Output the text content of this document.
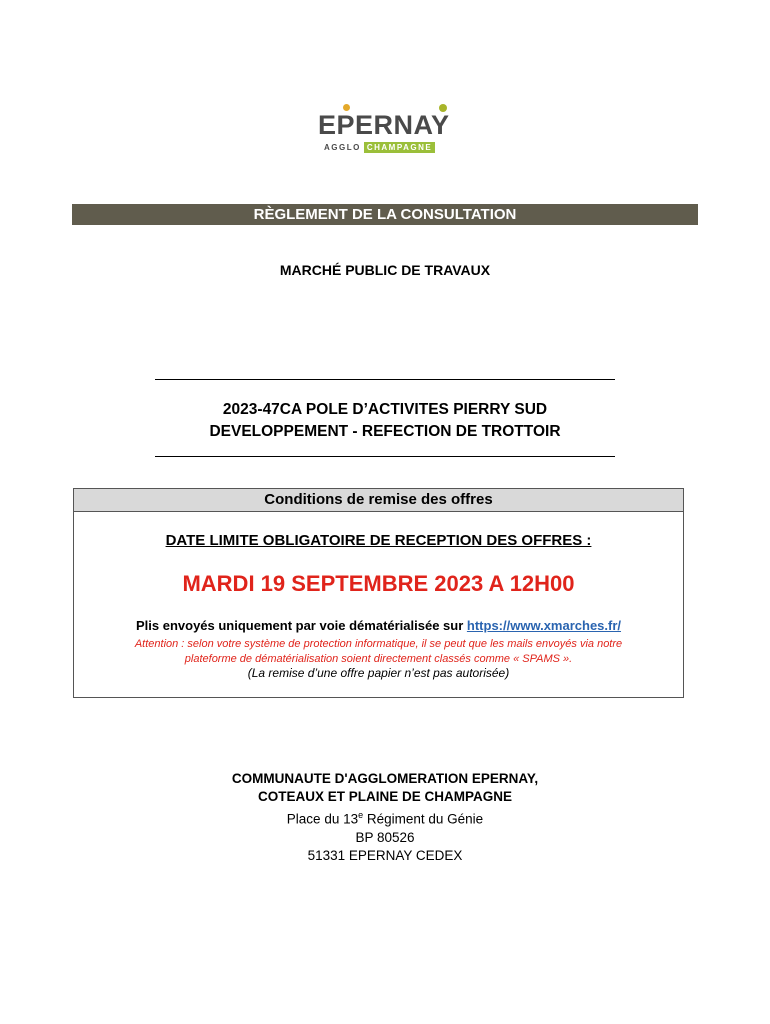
EPERNAY
AGGLO CHAMPAGNE
RÈGLEMENT DE LA CONSULTATION
MARCHÉ PUBLIC DE TRAVAUX
2023-47CA POLE D’ACTIVITES PIERRY SUD
DEVELOPPEMENT - REFECTION DE TROTTOIR
Conditions de remise des offres
DATE LIMITE OBLIGATOIRE DE RECEPTION DES OFFRES :
MARDI 19 SEPTEMBRE 2023 A 12H00
Plis envoyés uniquement par voie dématérialisée sur https://www.xmarches.fr/
Attention : selon votre système de protection informatique, il se peut que les mails envoyés via notre
plateforme de dématérialisation soient directement classés comme « SPAMS ».
(La remise d’une offre papier n’est pas autorisée)
COMMUNAUTE D'AGGLOMERATION EPERNAY,
COTEAUX ET PLAINE DE CHAMPAGNE
Place du 13e Régiment du Génie
BP 80526
51331 EPERNAY CEDEX
